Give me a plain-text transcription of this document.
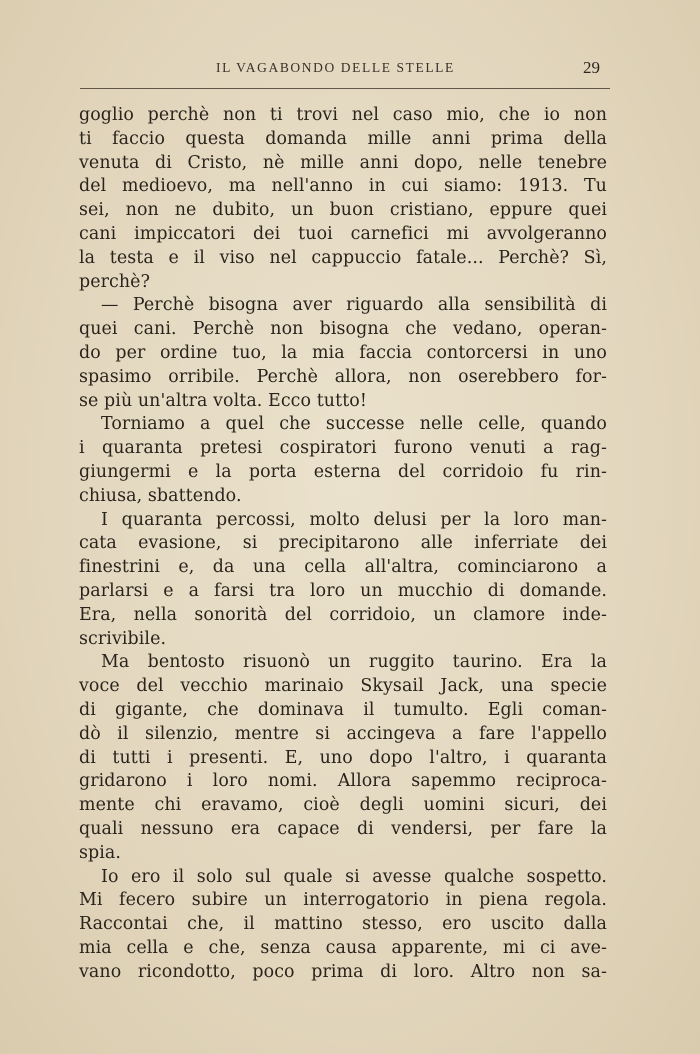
IL VAGABONDO DELLE STELLE	29
goglio perchè non ti trovi nel caso mio, che io non
ti faccio questa domanda mille anni prima della
venuta di Cristo, nè mille anni dopo, nelle tenebre
del medioevo, ma nell'anno in cui siamo: 1913. Tu
sei, non ne dubito, un buon cristiano, eppure quei
cani impiccatori dei tuoi carnefici mi avvolgeranno
la testa e il viso nel cappuccio fatale... Perchè? Sì,
perchè?
— Perchè bisogna aver riguardo alla sensibilità di
quei cani. Perchè non bisogna che vedano, operan-
do per ordine tuo, la mia faccia contorcersi in uno
spasimo orribile. Perchè allora, non oserebbero for-
se più un'altra volta. Ecco tutto!
Torniamo a quel che successe nelle celle, quando
i quaranta pretesi cospiratori furono venuti a rag-
giungermi e la porta esterna del corridoio fu rin-
chiusa, sbattendo.
I quaranta percossi, molto delusi per la loro man-
cata evasione, si precipitarono alle inferriate dei
finestrini e, da una cella all'altra, cominciarono a
parlarsi e a farsi tra loro un mucchio di domande.
Era, nella sonorità del corridoio, un clamore inde-
scrivibile.
Ma bentosto risuonò un ruggito taurino. Era la
voce del vecchio marinaio Skysail Jack, una specie
di gigante, che dominava il tumulto. Egli coman-
dò il silenzio, mentre si accingeva a fare l'appello
di tutti i presenti. E, uno dopo l'altro, i quaranta
gridarono i loro nomi. Allora sapemmo reciproca-
mente chi eravamo, cioè degli uomini sicuri, dei
quali nessuno era capace di vendersi, per fare la
spia.
Io ero il solo sul quale si avesse qualche sospetto.
Mi fecero subire un interrogatorio in piena regola.
Raccontai che, il mattino stesso, ero uscito dalla
mia cella e che, senza causa apparente, mi ci ave-
vano ricondotto, poco prima di loro. Altro non sa-
